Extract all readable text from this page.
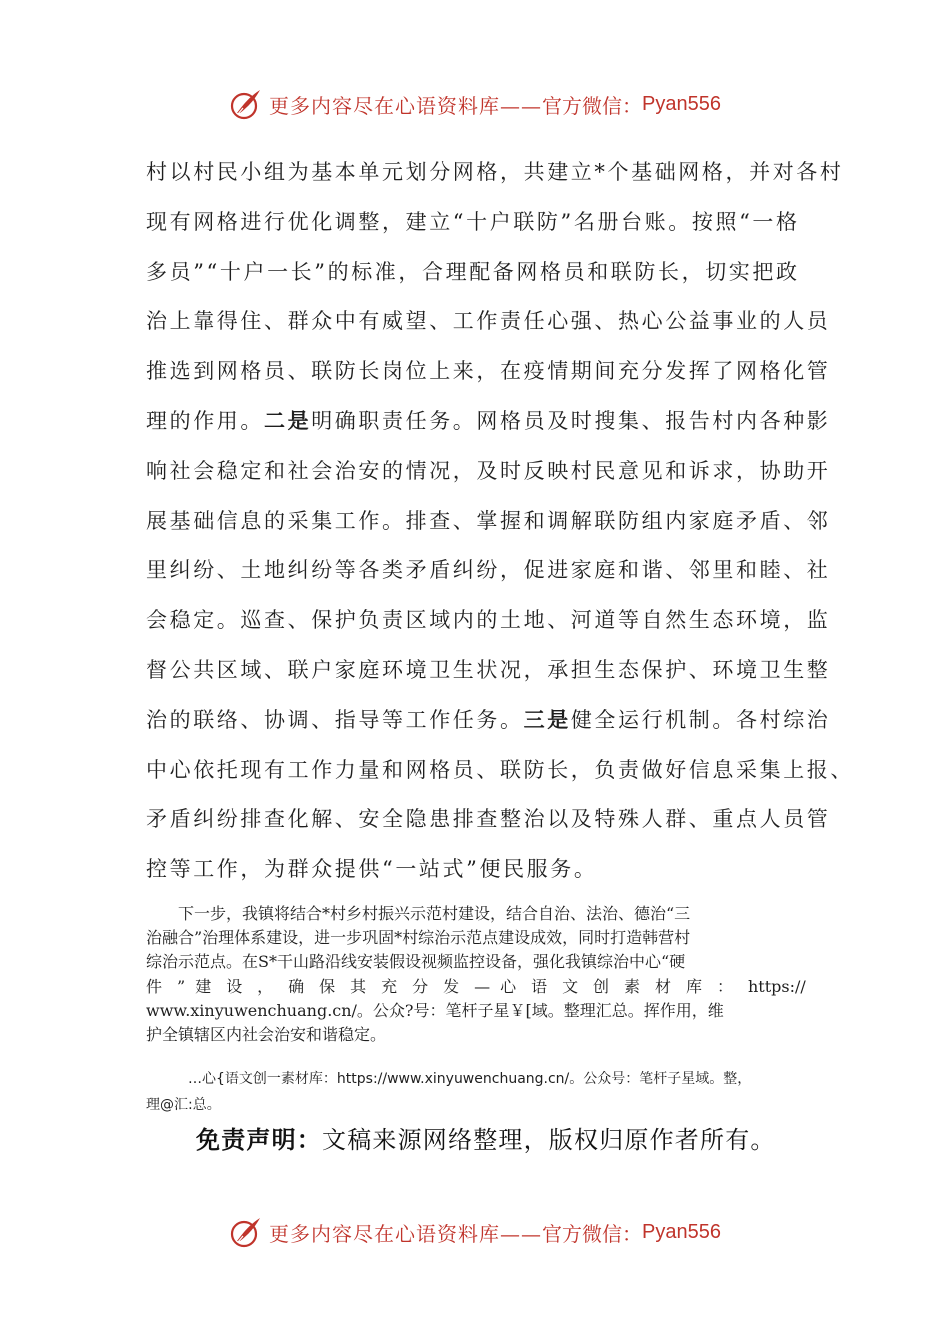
更多内容尽在心语资料库—— 官方微信： Pyan556
村以村民小组为基本单元划分网格，共建立*个基础网格，并对各村
现有网格进行优化调整，建立“十户联防”名册台账。按照“一格
多员”“十户一长”的标准，合理配备网格员和联防长，切实把政
治上靠得住、群众中有威望、工作责任心强、热心公益事业的人员
推选到网格员、联防长岗位上来，在疫情期间充分发挥了网格化管
理的作用。二是明确职责任务。网格员及时搜集、报告村内各种影
响社会稳定和社会治安的情况，及时反映村民意见和诉求，协助开
展基础信息的采集工作。排查、掌握和调解联防组内家庭矛盾、邻
里纠纷、土地纠纷等各类矛盾纠纷，促进家庭和谐、邻里和睦、社
会稳定。巡查、保护负责区域内的土地、河道等自然生态环境，监
督公共区域、联户家庭环境卫生状况，承担生态保护、环境卫生整
治的联络、协调、指导等工作任务。三是健全运行机制。各村综治
中心依托现有工作力量和网格员、联防长，负责做好信息采集上报、
矛盾纠纷排查化解、安全隐患排查整治以及特殊人群、重点人员管
控等工作，为群众提供“一站式”便民服务。
　　下一步，我镇将结合*村乡村振兴示范村建设，结合自治、法治、德治“三
治融合”治理体系建设，进一步巩固*村综治示范点建设成效，同时打造韩营村
综治示范点。在S*干山路沿线安装假设视频监控设备，强化我镇综治中心“硬
件 ” 建 设 ， 确 保 其 充 分 发 — 心 语 文 创 素 材 库 ： https://
www.xinyuwenchuang.cn/。公众?号：笔杆子星￥[域。整理汇总。挥作用，维
护全镇辖区内社会治安和谐稳定。
　　　…心{语文创一素材库：https://www.xinyuwenchuang.cn/。公众号：笔杆子星域。整，
理@汇:总。
免责声明：文稿来源网络整理，版权归原作者所有。
更多内容尽在心语资料库—— 官方微信： Pyan556
